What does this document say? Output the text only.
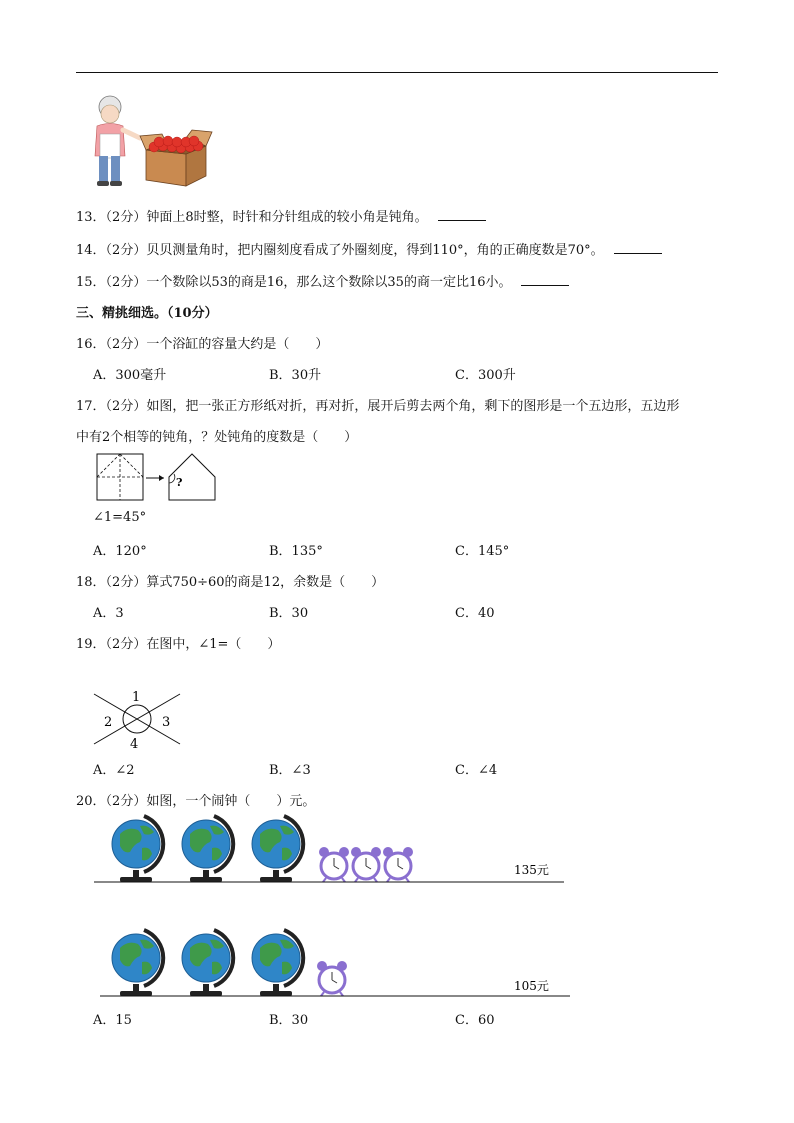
13．（2分）钟面上8时整，时针和分针组成的较小角是钝角。
14．（2分）贝贝测量角时，把内圈刻度看成了外圈刻度，得到110°，角的正确度数是70°。
15．（2分）一个数除以53的商是16，那么这个数除以35的商一定比16小。
三、精挑细选。（10分）
16．（2分）一个浴缸的容量大约是（　　）
A．300毫升	B．30升	C．300升
17．（2分）如图，把一张正方形纸对折，再对折，展开后剪去两个角，剩下的图形是一个五边形，五边形
中有2个相等的钝角，？处钝角的度数是（　　）
?
∠1=45°
A．120°	B．135°	C．145°
18．（2分）算式750÷60的商是12，余数是（　　）
A．3	B．30	C．40
19．（2分）在图中，∠1=（　　）
1
2	3
4
A．∠2	B．∠3	C．∠4
20．（2分）如图，一个闹钟（　　）元。
135元
105元
A．15	B．30	C．60
